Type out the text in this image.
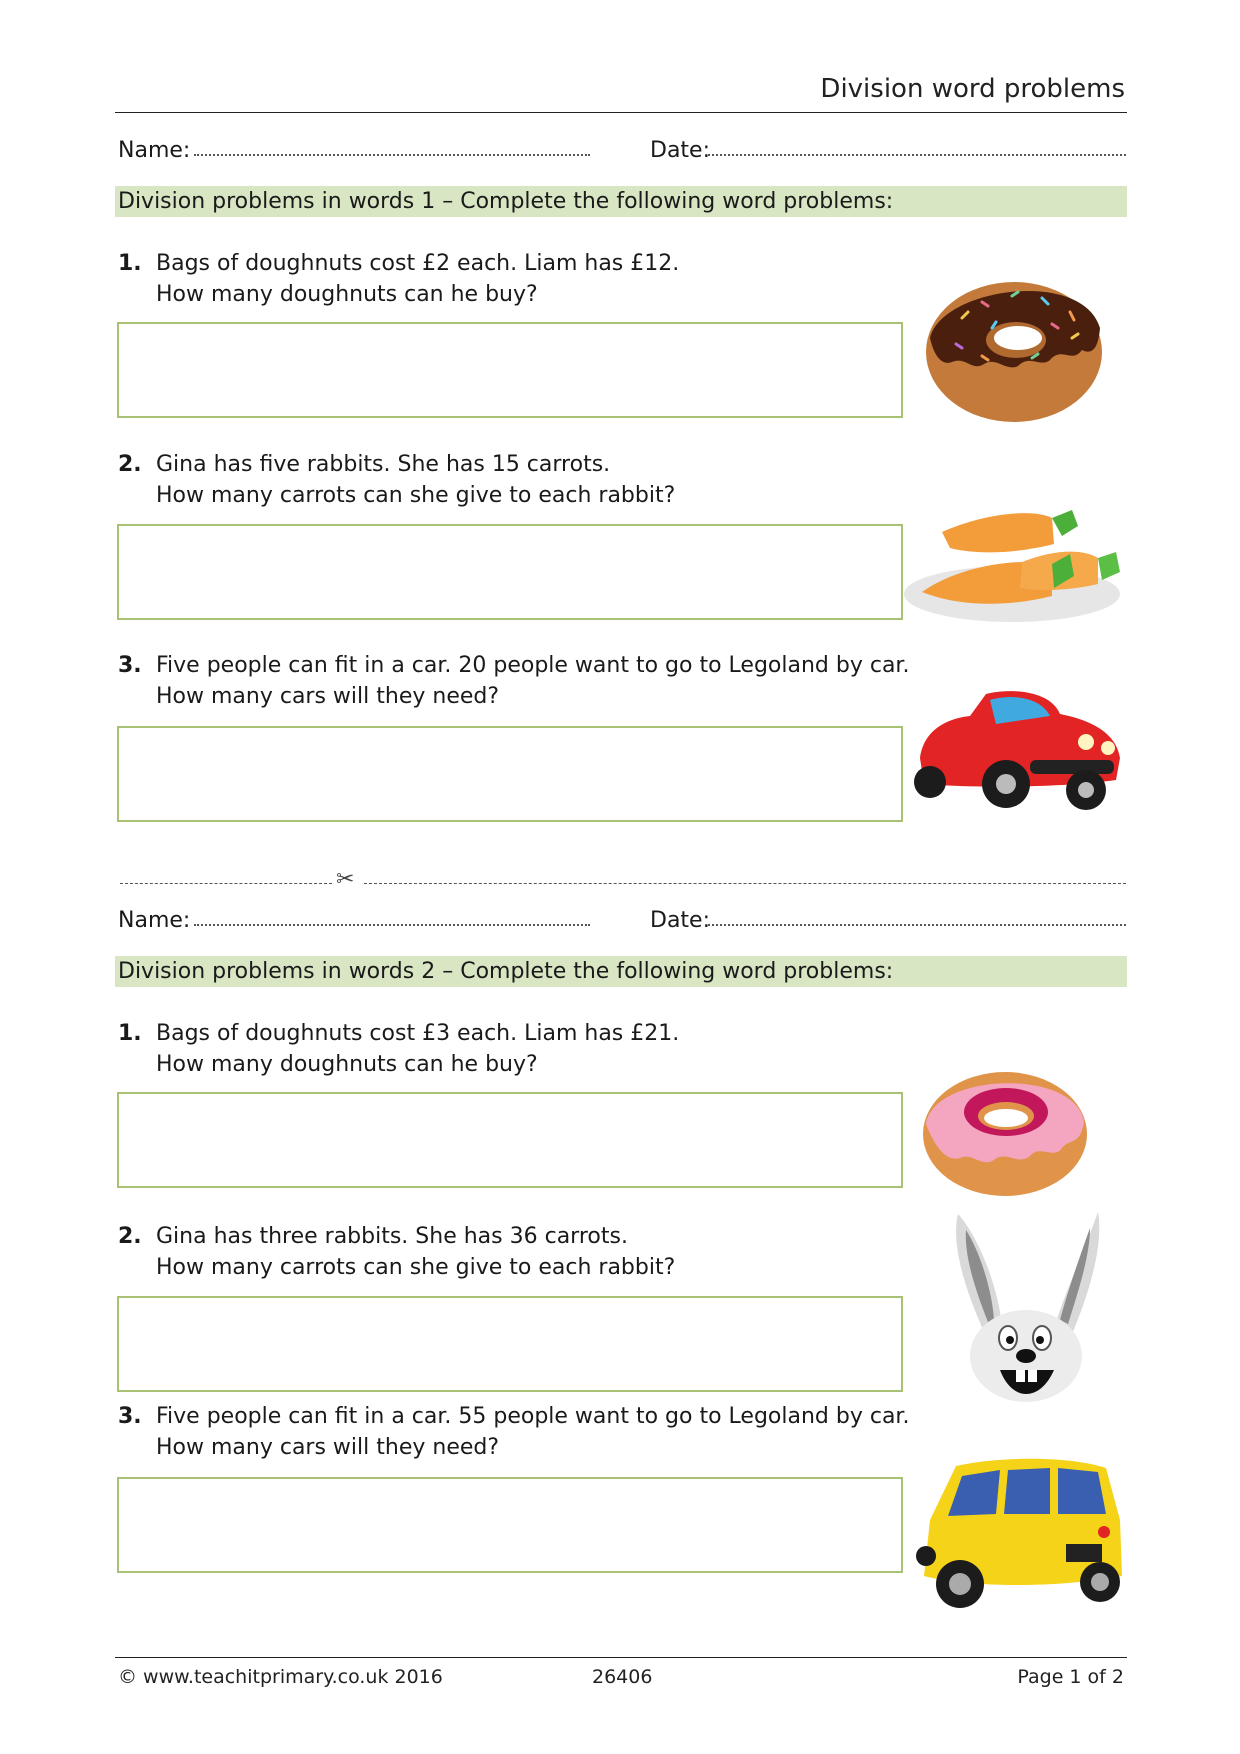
Division word problems
Name:	Date:
Division problems in words 1 – Complete the following word problems:
1. Bags of doughnuts cost £2 each. Liam has £12.
How many doughnuts can he buy?
2. Gina has five rabbits. She has 15 carrots.
How many carrots can she give to each rabbit?
3. Five people can fit in a car. 20 people want to go to Legoland by car.
How many cars will they need?
✂
Name:	Date:
Division problems in words 2 – Complete the following word problems:
1. Bags of doughnuts cost £3 each. Liam has £21.
How many doughnuts can he buy?
2. Gina has three rabbits. She has 36 carrots.
How many carrots can she give to each rabbit?
3. Five people can fit in a car. 55 people want to go to Legoland by car.
How many cars will they need?
© www.teachitprimary.co.uk 2016	26406	Page 1 of 2
